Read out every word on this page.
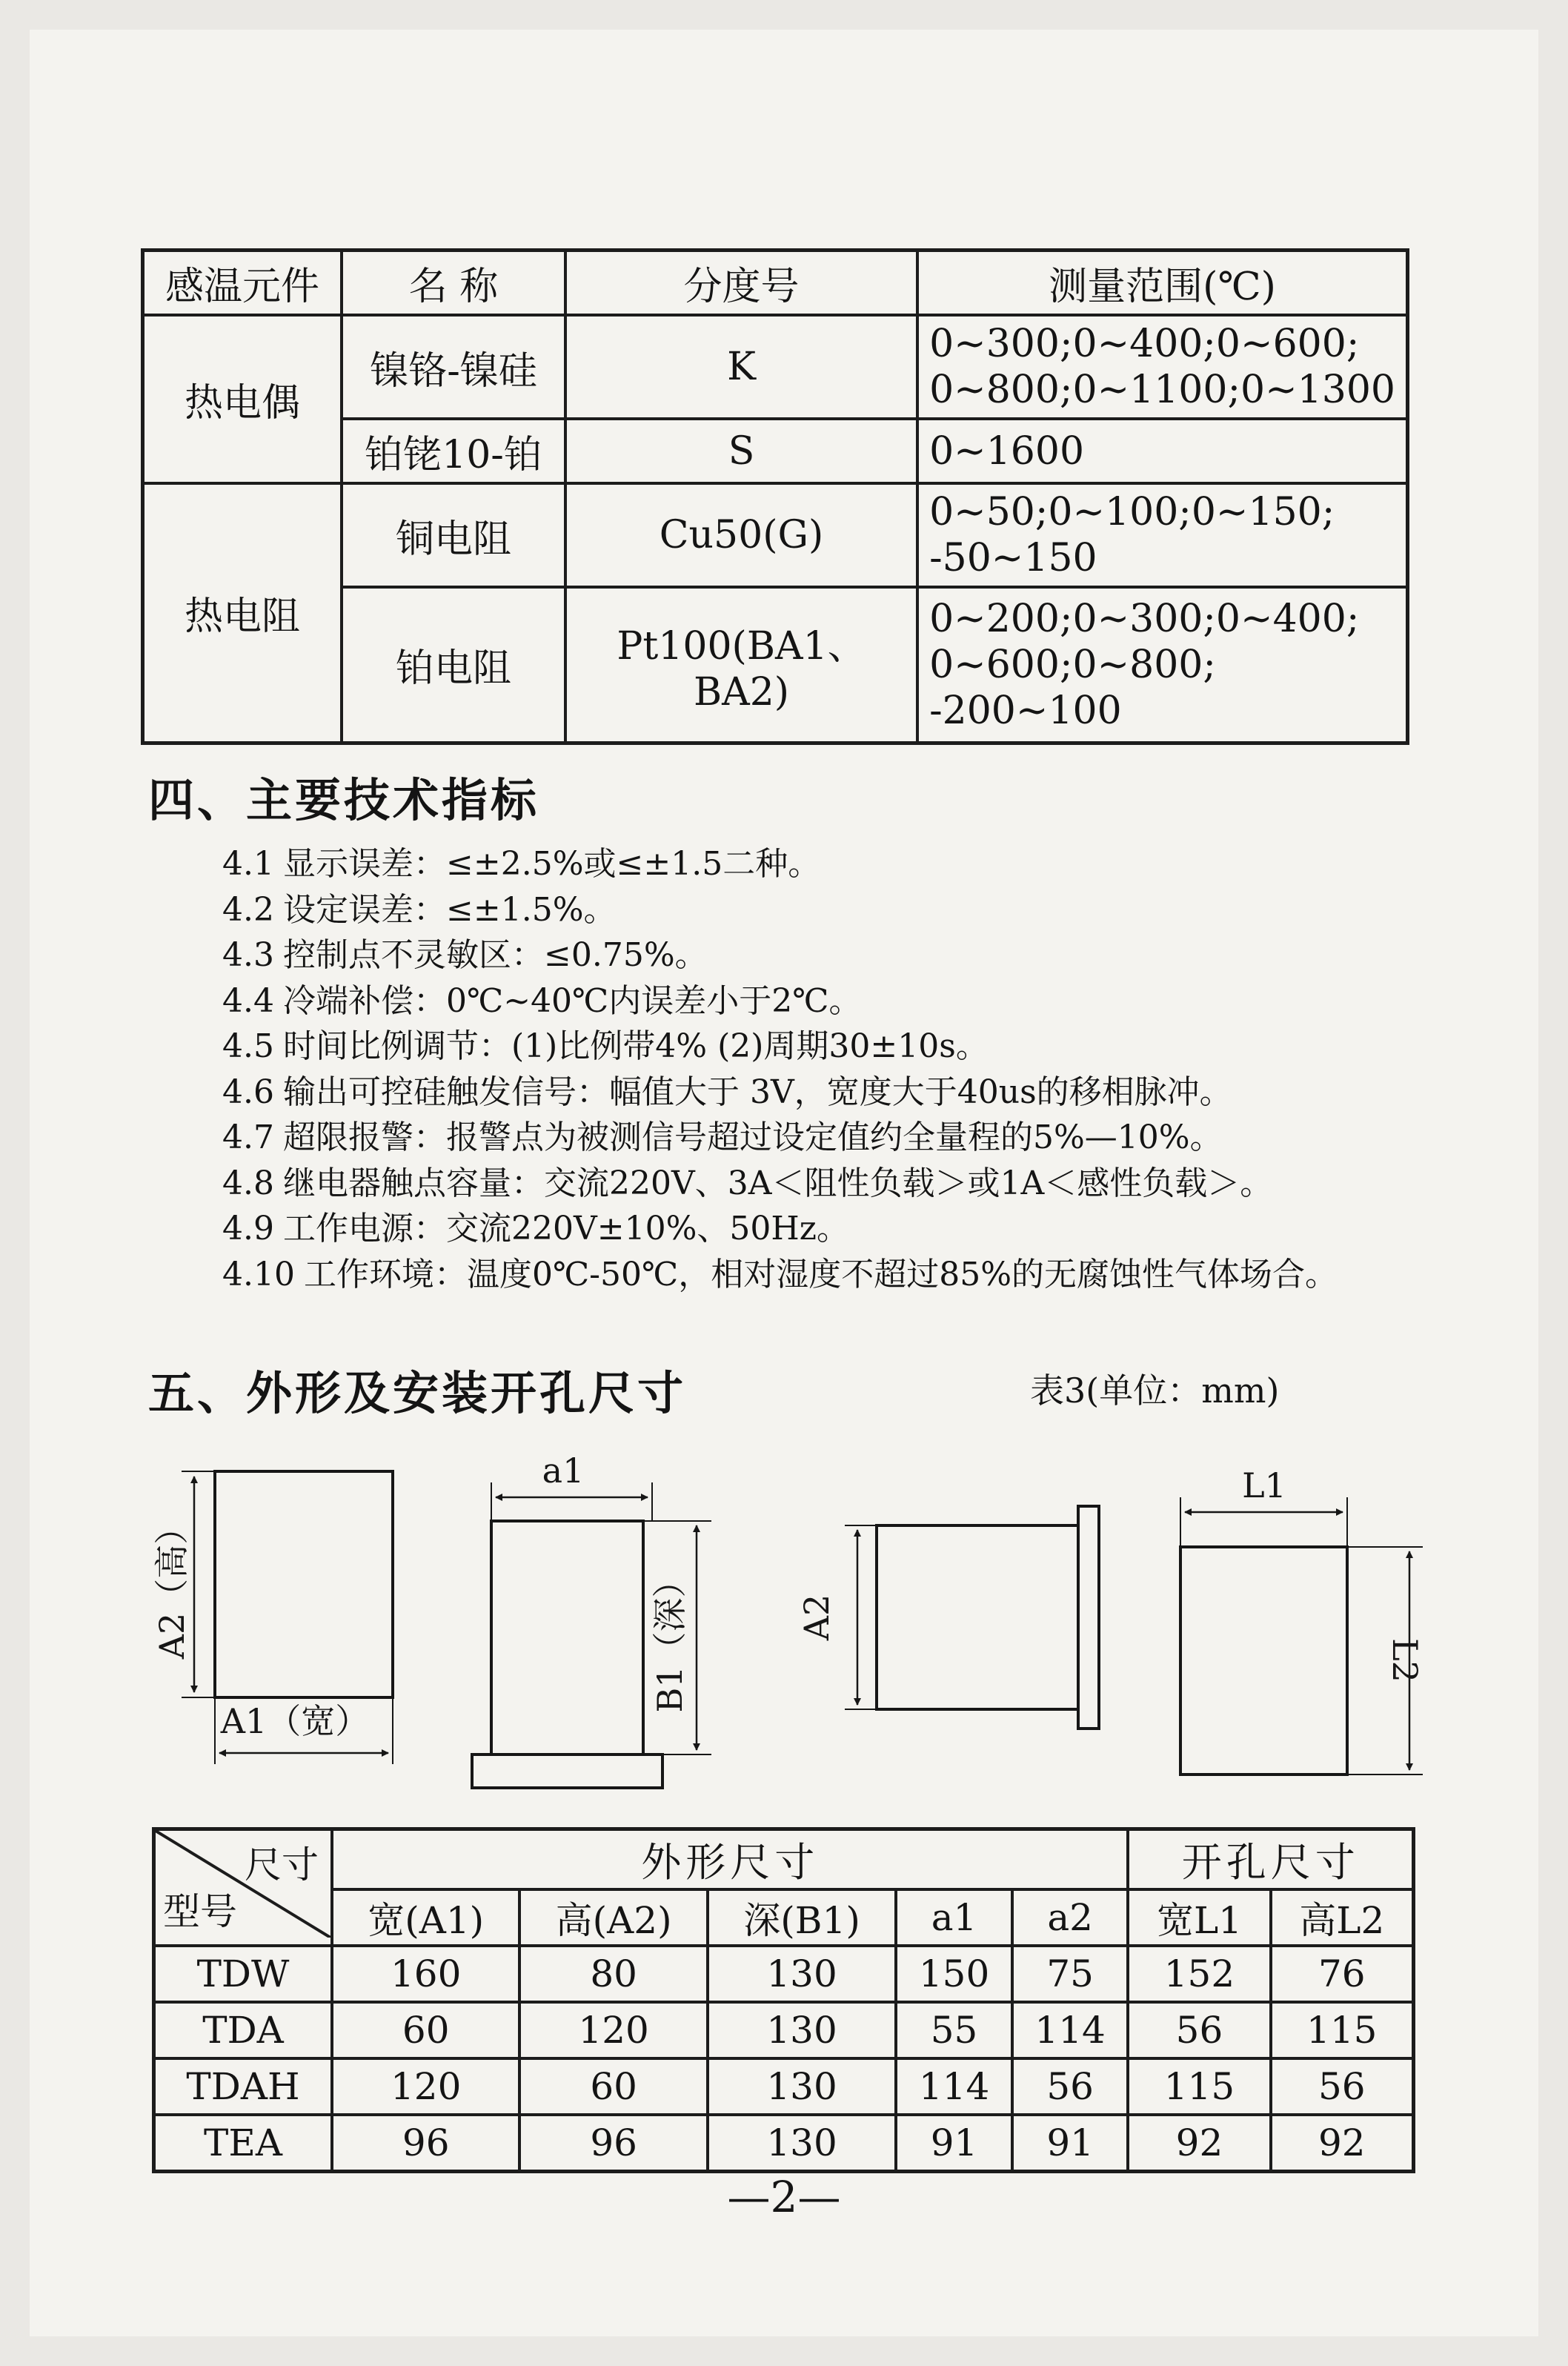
感温元件	名 称	分度号	测量范围(℃)
热电偶	镍铬-镍硅	K	0~300;0~400;0~600;
0~800;0~1100;0~1300

	铂铑10-铂	S	0~1600

热电阻	铜电阻	Cu50(G)	0~50;0~100;0~150;
-50~150

	铂电阻	Pt100(BA1、BA2)	0~200;0~300;0~400;
0~600;0~800;
-200~100
四、主要技术指标
4.1 显示误差：≤±2.5%或≤±1.5二种。
4.2 设定误差：≤±1.5%。
4.3 控制点不灵敏区：≤0.75%。
4.4 冷端补偿：0℃~40℃内误差小于2℃。
4.5 时间比例调节：(1)比例带4% (2)周期30±10s。
4.6 输出可控硅触发信号：幅值大于 3V，宽度大于40us的移相脉冲。
4.7 超限报警：报警点为被测信号超过设定值约全量程的5%—10%。
4.8 继电器触点容量：交流220V、3A＜阻性负载＞或1A＜感性负载＞。
4.9 工作电源：交流220V±10%、50Hz。
4.10 工作环境：温度0℃-50℃，相对湿度不超过85%的无腐蚀性气体场合。
五、外形及安装开孔尺寸	表3(单位：mm)
A2（高）
A1（宽）
a1
B1（深）	A2
L1
L2
尺寸
型号	外形尺寸					开孔尺寸	
	宽(A1)	高(A2)	深(B1)	a1	a2	宽L1	高L2
TDW	160	80	130	150	75	152	76
TDA	60	120	130	55	114	56	115
TDAH	120	60	130	114	56	115	56
TEA	96	96	130	91	91	92	92
—2—
